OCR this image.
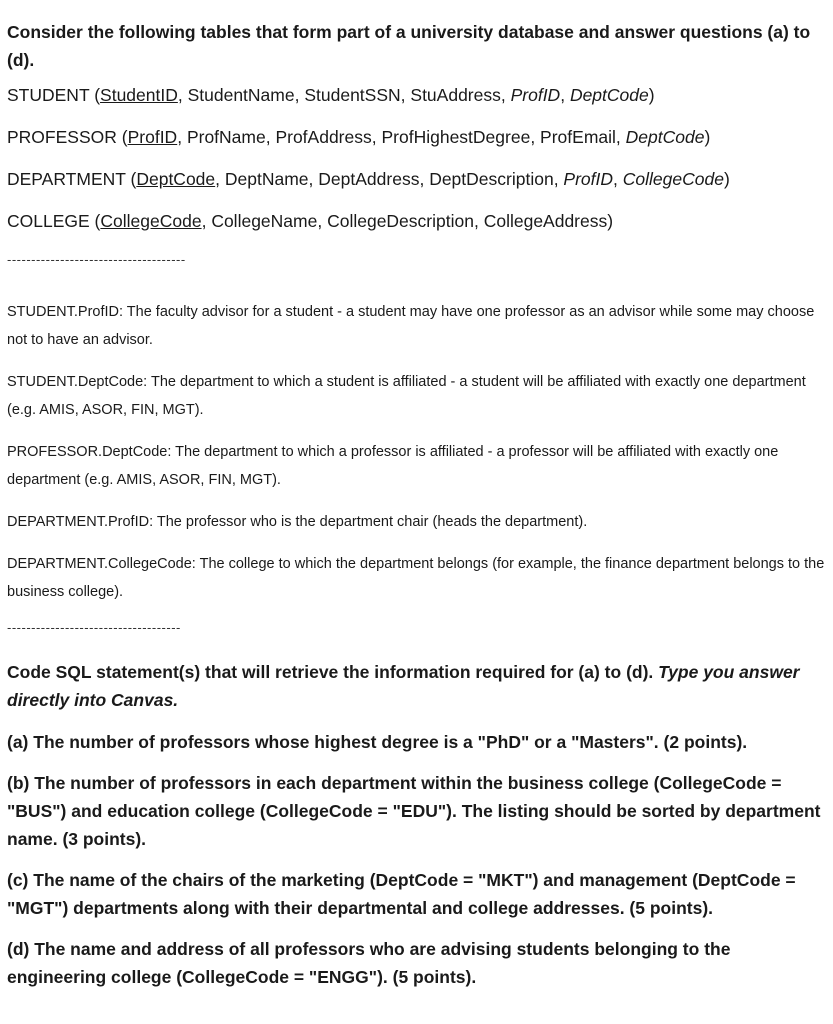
Consider the following tables that form part of a university database and answer questions (a) to (d).

STUDENT (StudentID, StudentName, StudentSSN, StuAddress, ProfID, DeptCode)

PROFESSOR (ProfID, ProfName, ProfAddress, ProfHighestDegree, ProfEmail, DeptCode)

DEPARTMENT (DeptCode, DeptName, DeptAddress, DeptDescription, ProfID, CollegeCode)

COLLEGE (CollegeCode, CollegeName, CollegeDescription, CollegeAddress)

-------------------------------------

STUDENT.ProfID: The faculty advisor for a student - a student may have one professor as an advisor while some may choose not to have an advisor.

STUDENT.DeptCode: The department to which a student is affiliated - a student will be affiliated with exactly one department (e.g. AMIS, ASOR, FIN, MGT).

PROFESSOR.DeptCode: The department to which a professor is affiliated - a professor will be affiliated with exactly one department (e.g. AMIS, ASOR, FIN, MGT).

DEPARTMENT.ProfID: The professor who is the department chair (heads the department).

DEPARTMENT.CollegeCode: The college to which the department belongs (for example, the finance department belongs to the business college).

------------------------------------

Code SQL statement(s) that will retrieve the information required for (a) to (d). Type you answer directly into Canvas.

(a) The number of professors whose highest degree is a "PhD" or a "Masters". (2 points).

(b) The number of professors in each department within the business college (CollegeCode = "BUS") and education college (CollegeCode = "EDU"). The listing should be sorted by department name. (3 points).

(c) The name of the chairs of the marketing (DeptCode = "MKT") and management (DeptCode = "MGT") departments along with their departmental and college addresses. (5 points).

(d) The name and address of all professors who are advising students belonging to the engineering college (CollegeCode = "ENGG"). (5 points).
